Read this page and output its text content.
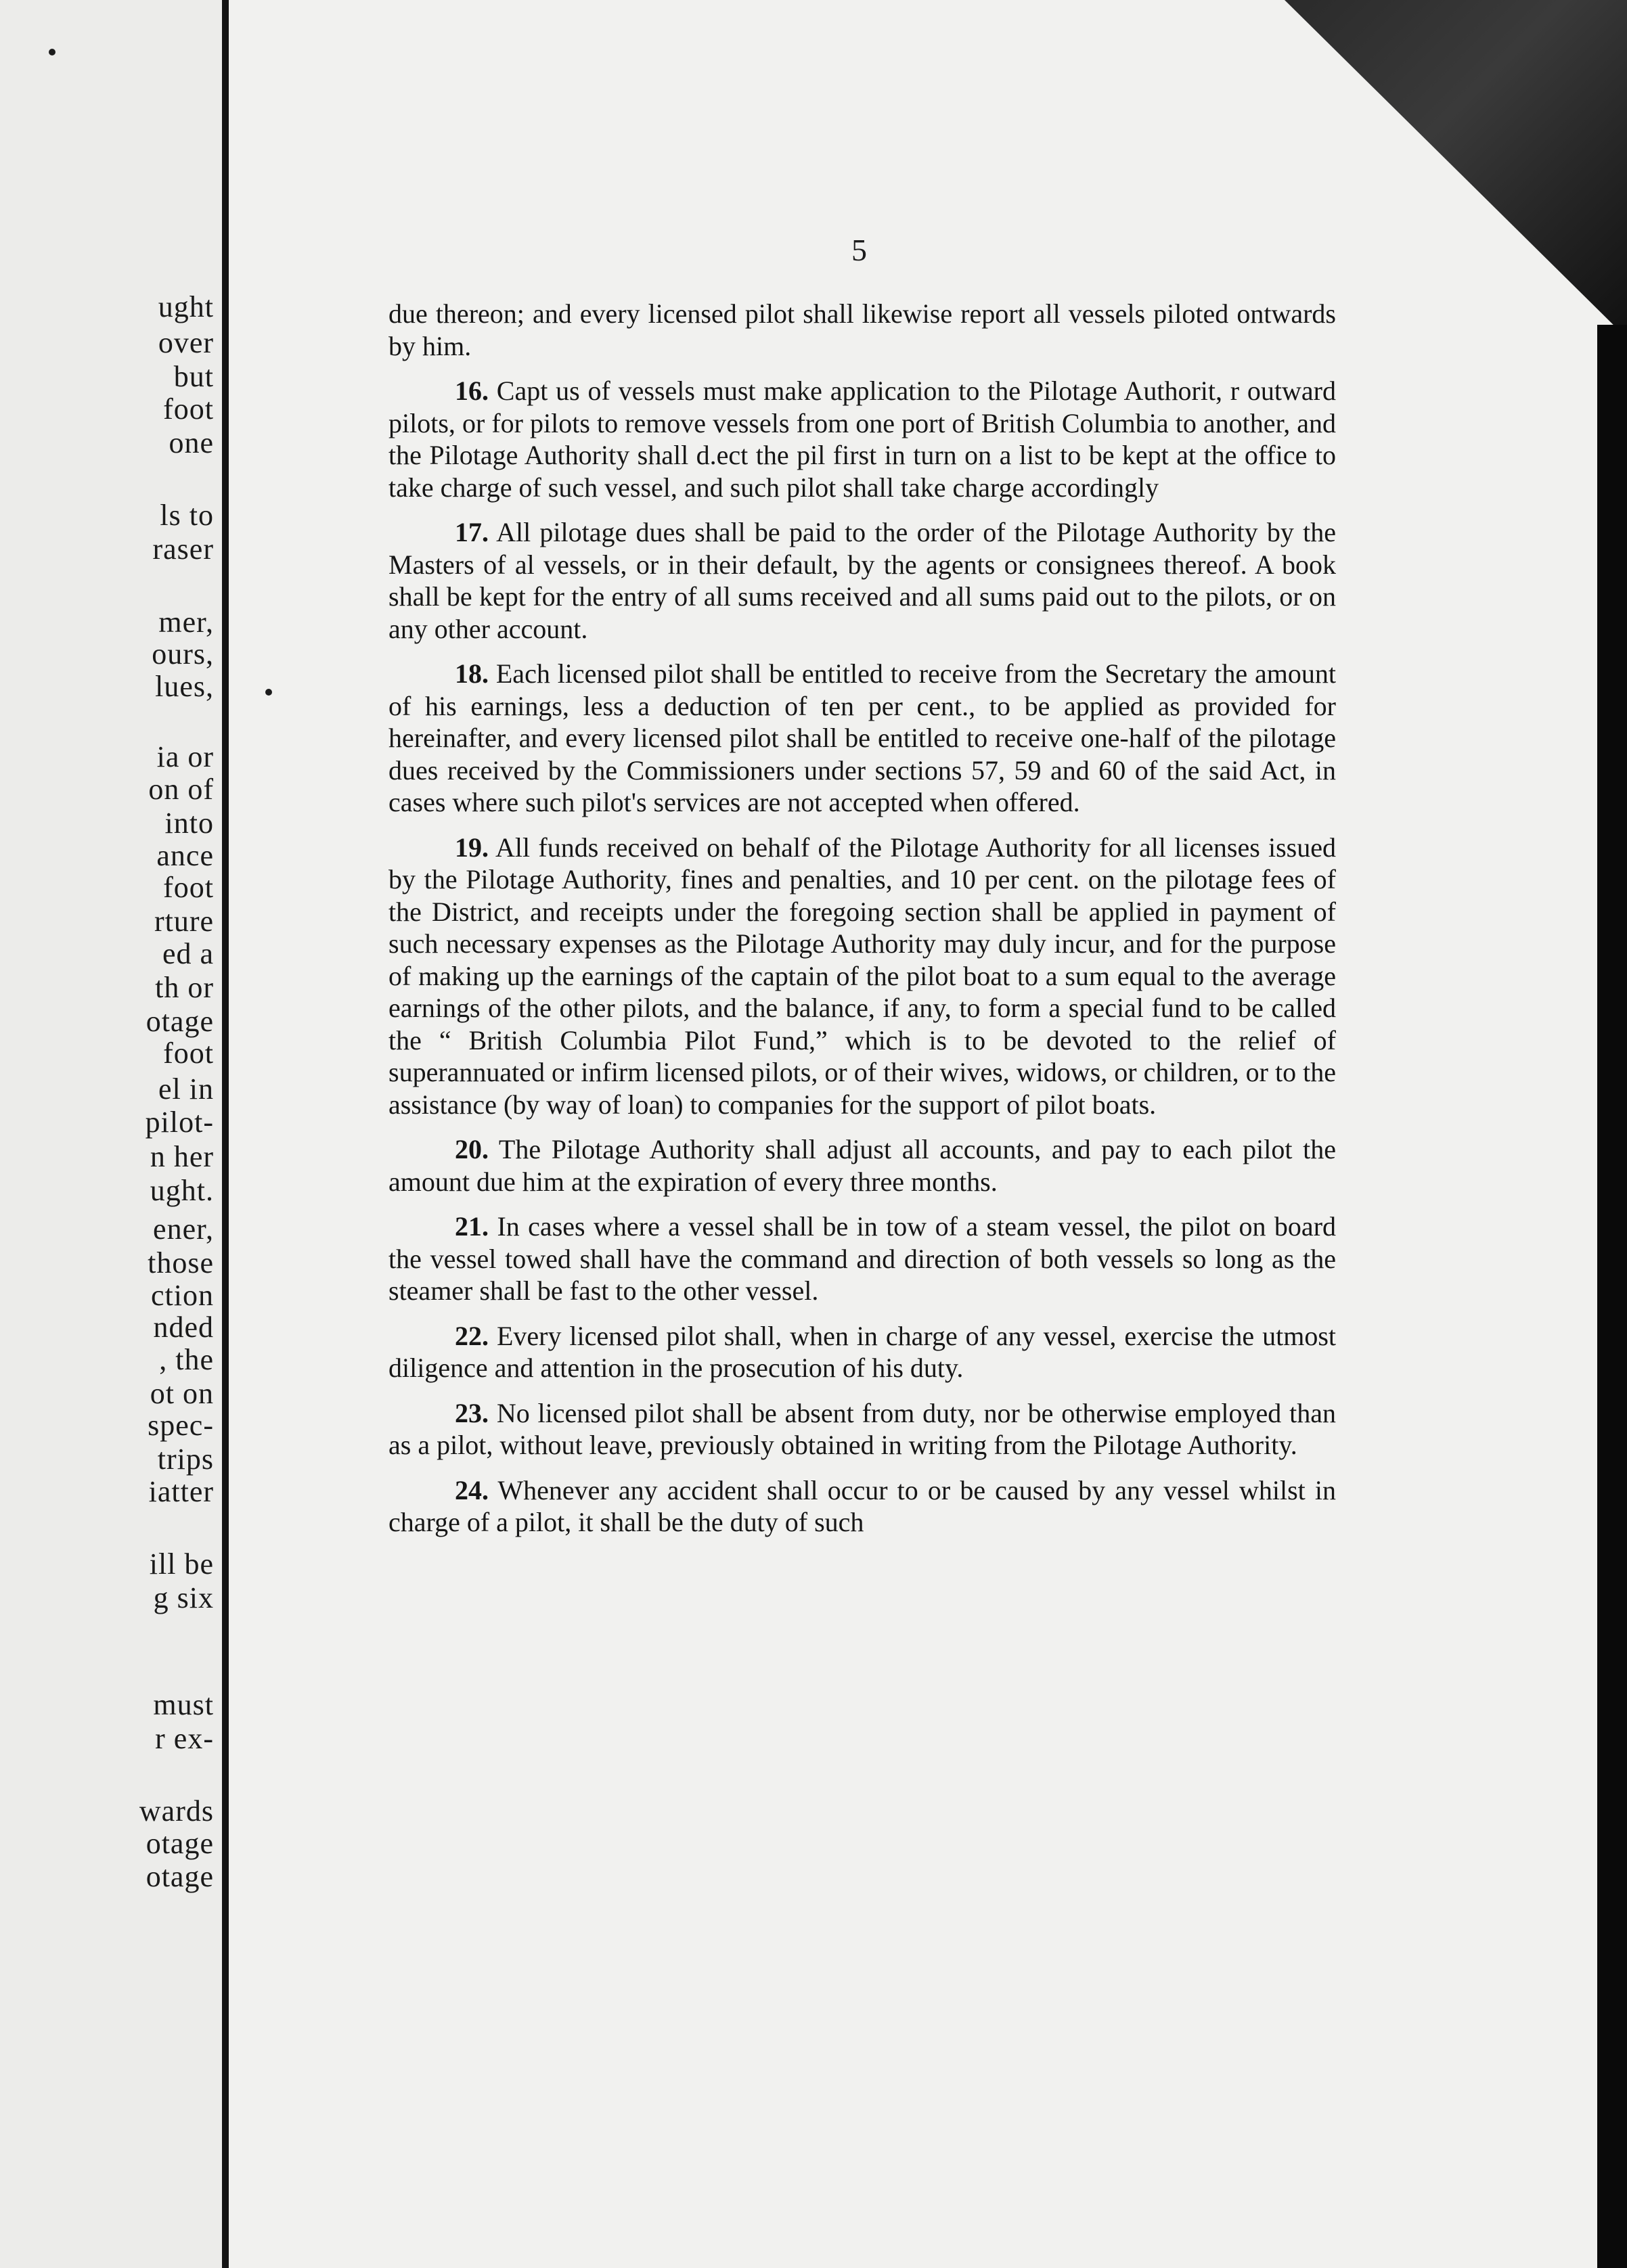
ught
over
but
foot
one
ls to
raser
mer,
ours,
lues,
ia or
on of
into
ance
foot
rture
ed a
th or
otage
foot
el in
pilot-
n her
ught.
ener,
those
ction
nded
, the
ot on
spec-
trips
iatter
ill be
g six
must
r ex-
wards
otage
otage
5

due thereon; and every licensed pilot shall likewise report all vessels piloted ontwards by him.

16. Capt us of vessels must make application to the Pilotage Authorit, r outward pilots, or for pilots to remove vessels from one port of British Columbia to another, and the Pilotage Authority shall d.ect the pil first in turn on a list to be kept at the office to take charge of such vessel, and such pilot shall take charge accordingly

17. All pilotage dues shall be paid to the order of the Pilotage Authority by the Masters of al vessels, or in their default, by the agents or consignees thereof. A book shall be kept for the entry of all sums received and all sums paid out to the pilots, or on any other account.

18. Each licensed pilot shall be entitled to receive from the Secretary the amount of his earnings, less a deduction of ten per cent., to be applied as provided for hereinafter, and every licensed pilot shall be entitled to receive one-half of the pilotage dues received by the Commissioners under sections 57, 59 and 60 of the said Act, in cases where such pilot's services are not accepted when offered.

19. All funds received on behalf of the Pilotage Authority for all licenses issued by the Pilotage Authority, fines and penalties, and 10 per cent. on the pilotage fees of the District, and receipts under the foregoing section shall be applied in payment of such necessary expenses as the Pilotage Authority may duly incur, and for the purpose of making up the earnings of the captain of the pilot boat to a sum equal to the average earnings of the other pilots, and the balance, if any, to form a special fund to be called the “ British Columbia Pilot Fund,” which is to be devoted to the relief of superannuated or infirm licensed pilots, or of their wives, widows, or children, or to the assistance (by way of loan) to companies for the support of pilot boats.

20. The Pilotage Authority shall adjust all accounts, and pay to each pilot the amount due him at the expiration of every three months.

21. In cases where a vessel shall be in tow of a steam vessel, the pilot on board the vessel towed shall have the command and direction of both vessels so long as the steamer shall be fast to the other vessel.

22. Every licensed pilot shall, when in charge of any vessel, exercise the utmost diligence and attention in the prosecution of his duty.

23. No licensed pilot shall be absent from duty, nor be otherwise employed than as a pilot, without leave, previously obtained in writing from the Pilotage Authority.

24. Whenever any accident shall occur to or be caused by any vessel whilst in charge of a pilot, it shall be the duty of such
